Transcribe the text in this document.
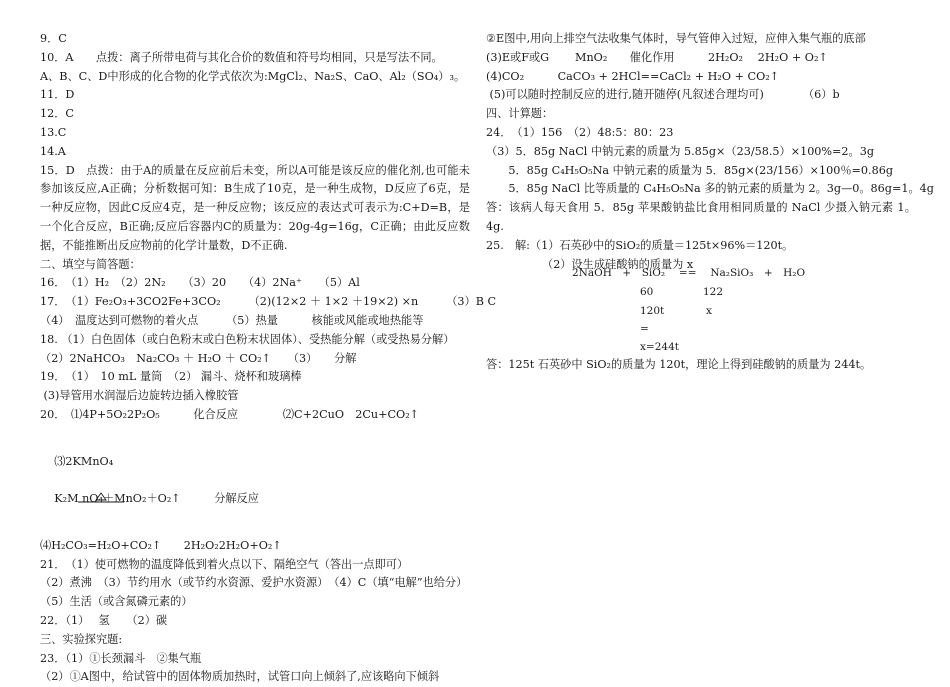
9．C
10．A　　点拨：离子所带电荷与其化合价的数值和符号均相同，只是写法不同。
A、B、C、D中形成的化合物的化学式依次为:MgCl₂、Na₂S、CaO、Al₂（SO₄）₃。
11．D
12．C
13.C
14.A
15．D　点拨：由于A的质量在反应前后未变，所以A可能是该反应的催化剂,也可能未参加该反应,A正确；分析数据可知：B生成了10克，是一种生成物，D反应了6克，是一种反应物，因此C反应4克，是一种反应物；该反应的表达式可表示为:C+D=B，是一个化合反应，B正确;反应后容器内C的质量为：20g-4g=16g，C正确；由此反应数据，不能推断出反应物前的化学计量数，D不正确.
二、填空与简答题：
16．　（1）H₂　（2）2N₂　　（3）20　　（4）2Na⁺　　（5）Al
17．　（1）Fe₂O₃+3CO2Fe+3CO₂　　　（2)(12×2 ＋ 1×2 ＋19×2) ×n　　　（3）B C
（4）　温度达到可燃物的着火点　　　（5）热量　　　核能或风能或地热能等
18. （1）白色固体（或白色粉末或白色粉末状固体）、受热能分解（或受热易分解）
（2）2NaHCO₃　Na₂CO₃ ＋ H₂O ＋ CO₂↑　　（3）　　分解
19．　（1）　10 mL 量筒　（2） 漏斗、烧杯和玻璃棒
(3)导管用水润湿后边旋转边插入橡胶管
20．　⑴4P+5O₂2P₂O₅　　　化合反应　　　　⑵C+2CuO　2Cu+CO₂↑

⑶2KMnO₄

K₂M nO₄＋MnO₂＋O₂↑　　　分解反应

⑷H₂CO₃=H₂O+CO₂↑　　2H₂O₂2H₂O+O₂↑
21．　（1）使可燃物的温度降低到着火点以下、隔绝空气（答出一点即可）
（2）煮沸　（3）节约用水（或节约水资源、爱护水资源）　（4）C（填“电解”也给分）
（5）生活（或含氮磷元素的）
22．（1）　 氢　　（2）碳
三、实验探究题:
23．（1）①长颈漏斗　②集气瓶
（2）①A图中，给试管中的固体物质加热时，试管口向上倾斜了,应该略向下倾斜
②E图中,用向上排空气法收集气体时，导气管伸入过短，应伸入集气瓶的底部
(3)E或F或G　　 MnO₂　　催化作用　　　2H₂O₂　 2H₂O + O₂↑
(4)CO₂　　　CaCO₃ + 2HCl==CaCl₂ + H₂O + CO₂↑
(5)可以随时控制反应的进行,随开随停(凡叙述合理均可)　　　　（6）b
四、计算题：
24．　（1）156　（2）48:5：80：23
（3）5．85g NaCl 中钠元素的质量为 5.85g×（23/58.5）×100%=2。3g
　　5．85g C₄H₅O₅Na 中钠元素的质量为 5．85g×(23/156）×100％=0.86g
　　5．85g NaCl 比等质量的 C₄H₅O₅Na 多的钠元素的质量为 2。3g—0。86g=1。4g
答：该病人每天食用 5．85g 苹果酸钠盐比食用相同质量的 NaCl 少摄入钠元素 1。4g.
25.　解:（1）石英砂中的SiO₂的质量＝125t×96%＝120t。
（2）设生成硅酸钠的质量为 x
2NaOH　+　SiO₂　 ==　 Na₂SiO₃　+　H₂O
60	122
120t	x
=
x=244t
答：125t 石英砂中 SiO₂的质量为 120t，理论上得到硅酸钠的质量为 244t。
